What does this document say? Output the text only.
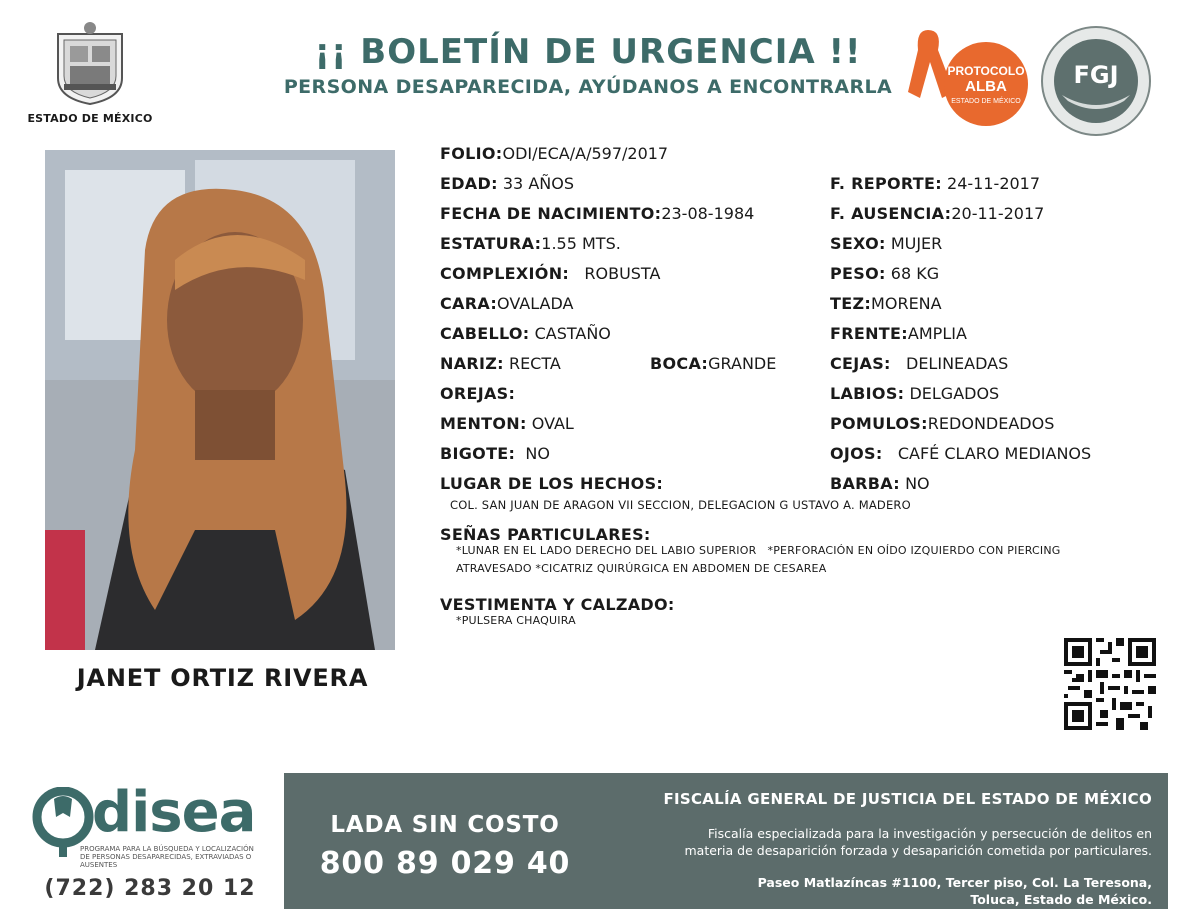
ESTADO DE MÉXICO
¡¡ BOLETÍN DE URGENCIA !!
PERSONA DESAPARECIDA, AYÚDANOS A ENCONTRARLA
PROTOCOLO
ALBA
ESTADO DE MÉXICO
FGJ
JANET ORTIZ RIVERA
FOLIO:ODI/ECA/A/597/2017
EDAD: 33 AÑOS	F. REPORTE: 24-11-2017
FECHA DE NACIMIENTO:23-08-1984	F. AUSENCIA:20-11-2017
ESTATURA:1.55 MTS.	SEXO: MUJER
COMPLEXIÓN: ROBUSTA	PESO: 68 KG
CARA:OVALADA	TEZ:MORENA
CABELLO: CASTAÑO	FRENTE:AMPLIA
NARIZ: RECTA	BOCA:GRANDE	CEJAS: DELINEADAS
OREJAS:	LABIOS: DELGADOS
MENTON: OVAL	POMULOS:REDONDEADOS
BIGOTE: NO	OJOS: CAFÉ CLARO MEDIANOS
LUGAR DE LOS HECHOS:	BARBA: NO
COL. SAN JUAN DE ARAGON VII SECCION, DELEGACION G USTAVO A. MADERO
SEÑAS PARTICULARES:
*LUNAR EN EL LADO DERECHO DEL LABIO SUPERIOR   *PERFORACIÓN EN OÍDO IZQUIERDO CON PIERCING
ATRAVESADO *CICATRIZ QUIRÚRGICA EN ABDOMEN DE CESAREA
VESTIMENTA Y CALZADO:
*PULSERA CHAQUIRA
disea
PROGRAMA PARA LA BÚSQUEDA Y LOCALIZACIÓN
DE PERSONAS DESAPARECIDAS, EXTRAVIADAS O
AUSENTES
(722) 283 20 12
LADA SIN COSTO
800 89 029 40
FISCALÍA GENERAL DE JUSTICIA DEL ESTADO DE MÉXICO
Fiscalía especializada para la investigación y persecución de delitos en
materia de desaparición forzada y desaparición cometida por particulares.
Paseo Matlazíncas #1100, Tercer piso, Col. La Teresona,
Toluca, Estado de México.
